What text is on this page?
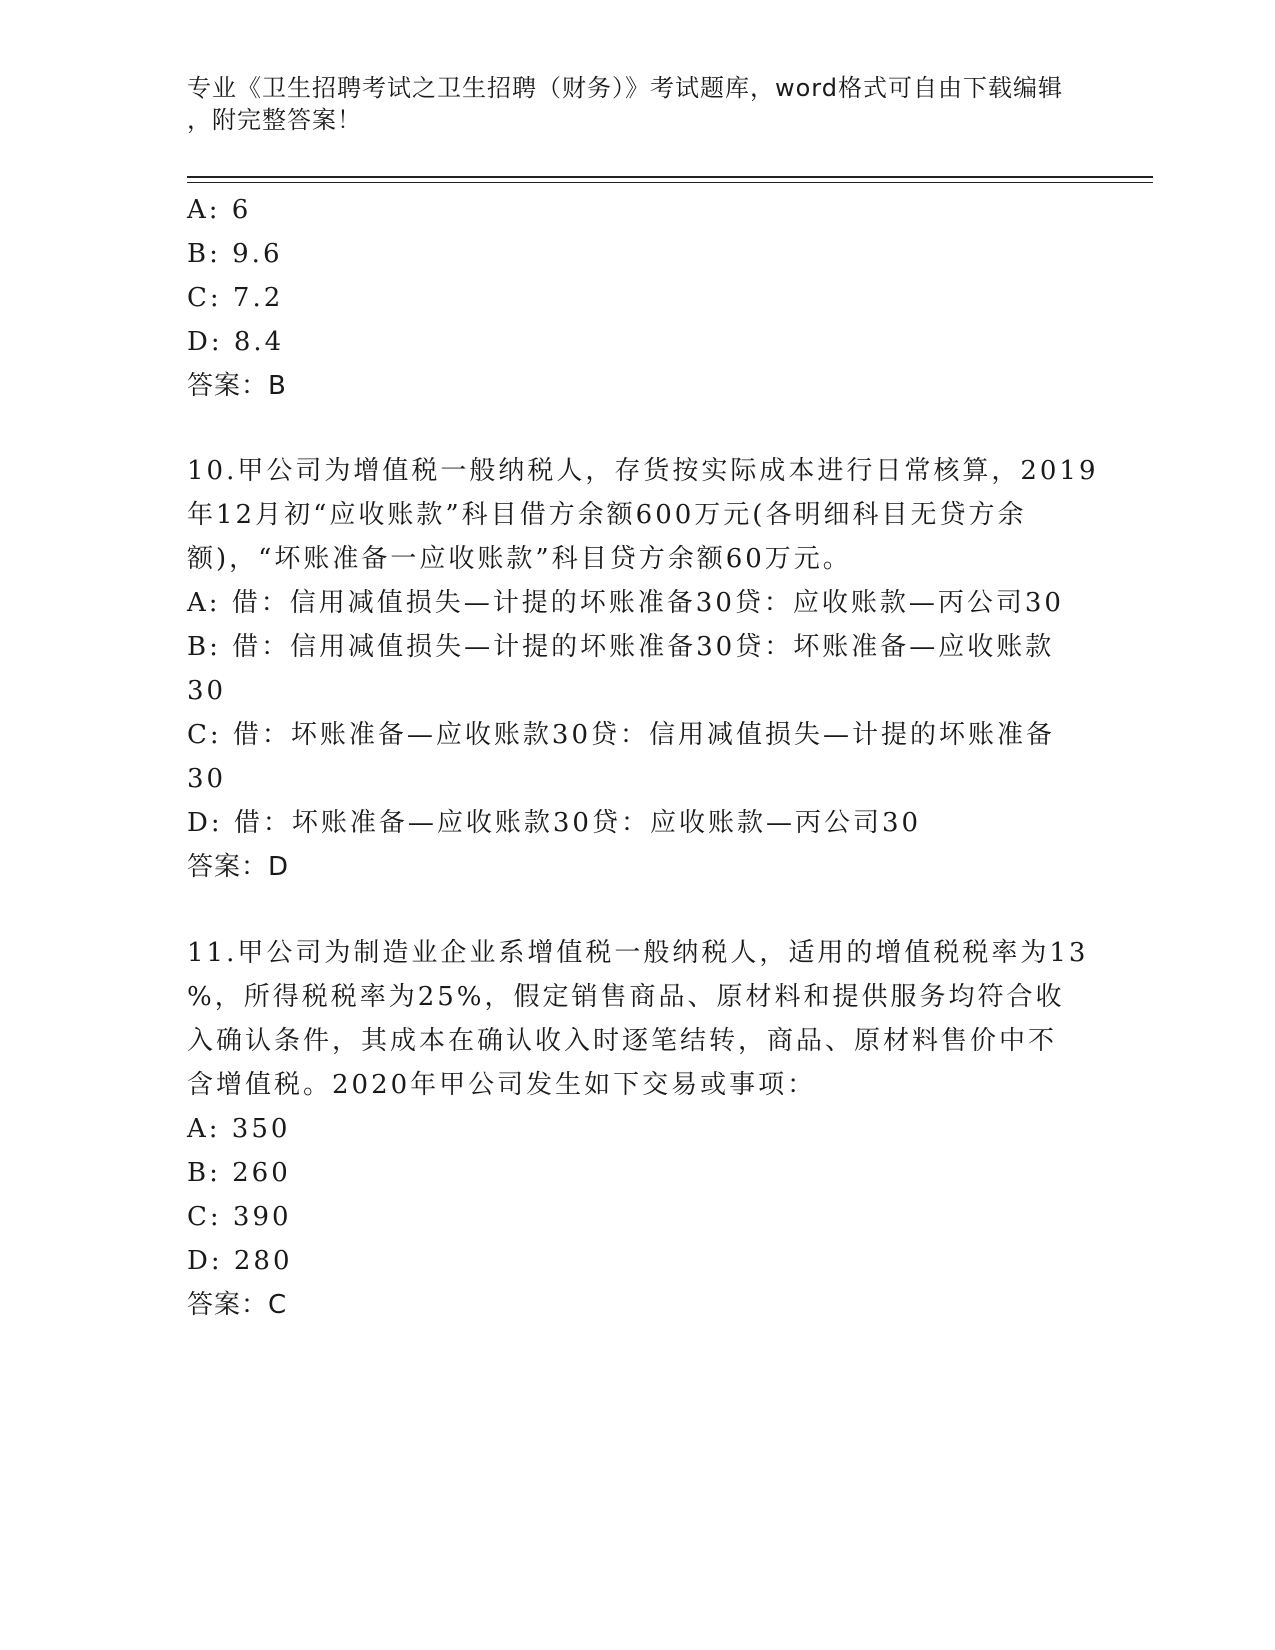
专业《卫生招聘考试之卫生招聘（财务）》考试题库，word格式可自由下载编辑
，附完整答案！
A: 6
B: 9.6
C: 7.2
D: 8.4
答案：B
10.甲公司为增值税一般纳税人，存货按实际成本进行日常核算，2019
年12月初“应收账款”科目借方余额600万元(各明细科目无贷方余
额)，“坏账准备一应收账款”科目贷方余额60万元。
A: 借：信用减值损失—计提的坏账准备30贷：应收账款—丙公司30
B: 借：信用减值损失—计提的坏账准备30贷：坏账准备—应收账款
30
C: 借：坏账准备—应收账款30贷：信用减值损失—计提的坏账准备
30
D: 借：坏账准备—应收账款30贷：应收账款—丙公司30
答案：D
11.甲公司为制造业企业系增值税一般纳税人，适用的增值税税率为13
%，所得税税率为25%，假定销售商品、原材料和提供服务均符合收
入确认条件，其成本在确认收入时逐笔结转，商品、原材料售价中不
含增值税。2020年甲公司发生如下交易或事项：
A: 350
B: 260
C: 390
D: 280
答案：C
